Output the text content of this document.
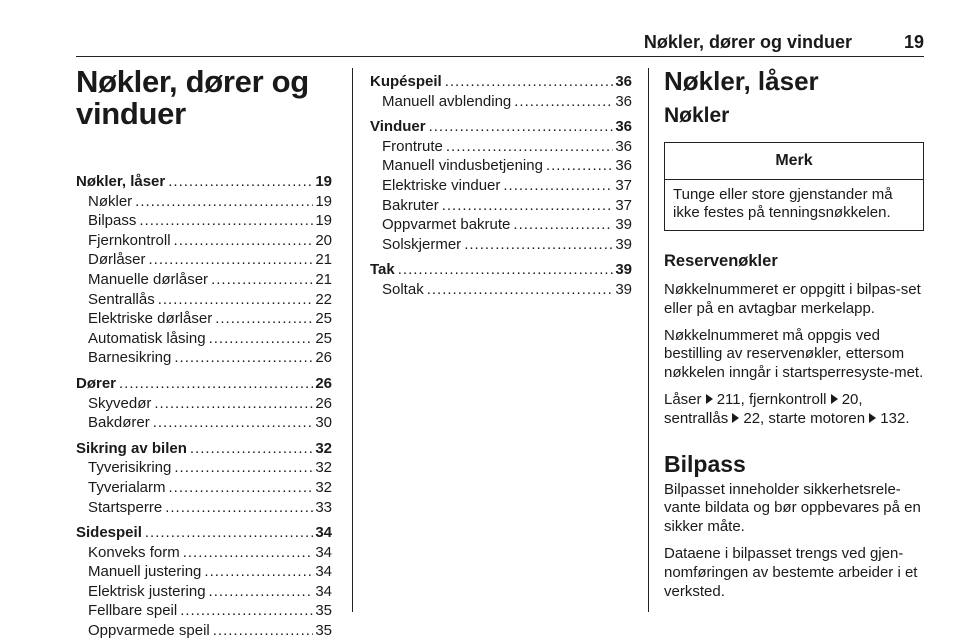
Nøkler, dører og vinduer	19
Nøkler, dører og
vinduer
Nøkler, låser .....	19
Nøkler .....	19
Bilpass .....	19
Fjernkontroll .....	20
Dørlåser .....	21
Manuelle dørlåser .....	21
Sentrallås .....	22
Elektriske dørlåser .....	25
Automatisk låsing .....	25
Barnesikring .....	26
Dører .....	26
Skyvedør .....	26
Bakdører .....	30
Sikring av bilen .....	32
Tyverisikring .....	32
Tyverialarm .....	32
Startsperre .....	33
Sidespeil .....	34
Konveks form .....	34
Manuell justering .....	34
Elektrisk justering .....	34
Fellbare speil .....	35
Oppvarmede speil .....	35
Kupéspeil .....	36
Manuell avblending .....	36
Vinduer .....	36
Frontrute .....	36
Manuell vindusbetjening .....	36
Elektriske vinduer .....	37
Bakruter .....	37
Oppvarmet bakrute .....	39
Solskjermer .....	39
Tak .....	39
Soltak .....	39
Nøkler, låser
Nøkler
Merk
Tunge eller store gjenstander må ikke festes på tenningsnøkkelen.
Reservenøkler

Nøkkelnummeret er oppgitt i bilpas-set eller på en avtagbar merkelapp.

Nøkkelnummeret må oppgis ved bestilling av reservenøkler, ettersom nøkkelen inngår i startsperresyste-met.

Låser 211, fjernkontroll 20, sentrallås 22, starte motoren 132.

Bilpass

Bilpasset inneholder sikkerhetsrele-vante bildata og bør oppbevares på en sikker måte.

Dataene i bilpasset trengs ved gjen-nomføringen av bestemte arbeider i et verksted.
